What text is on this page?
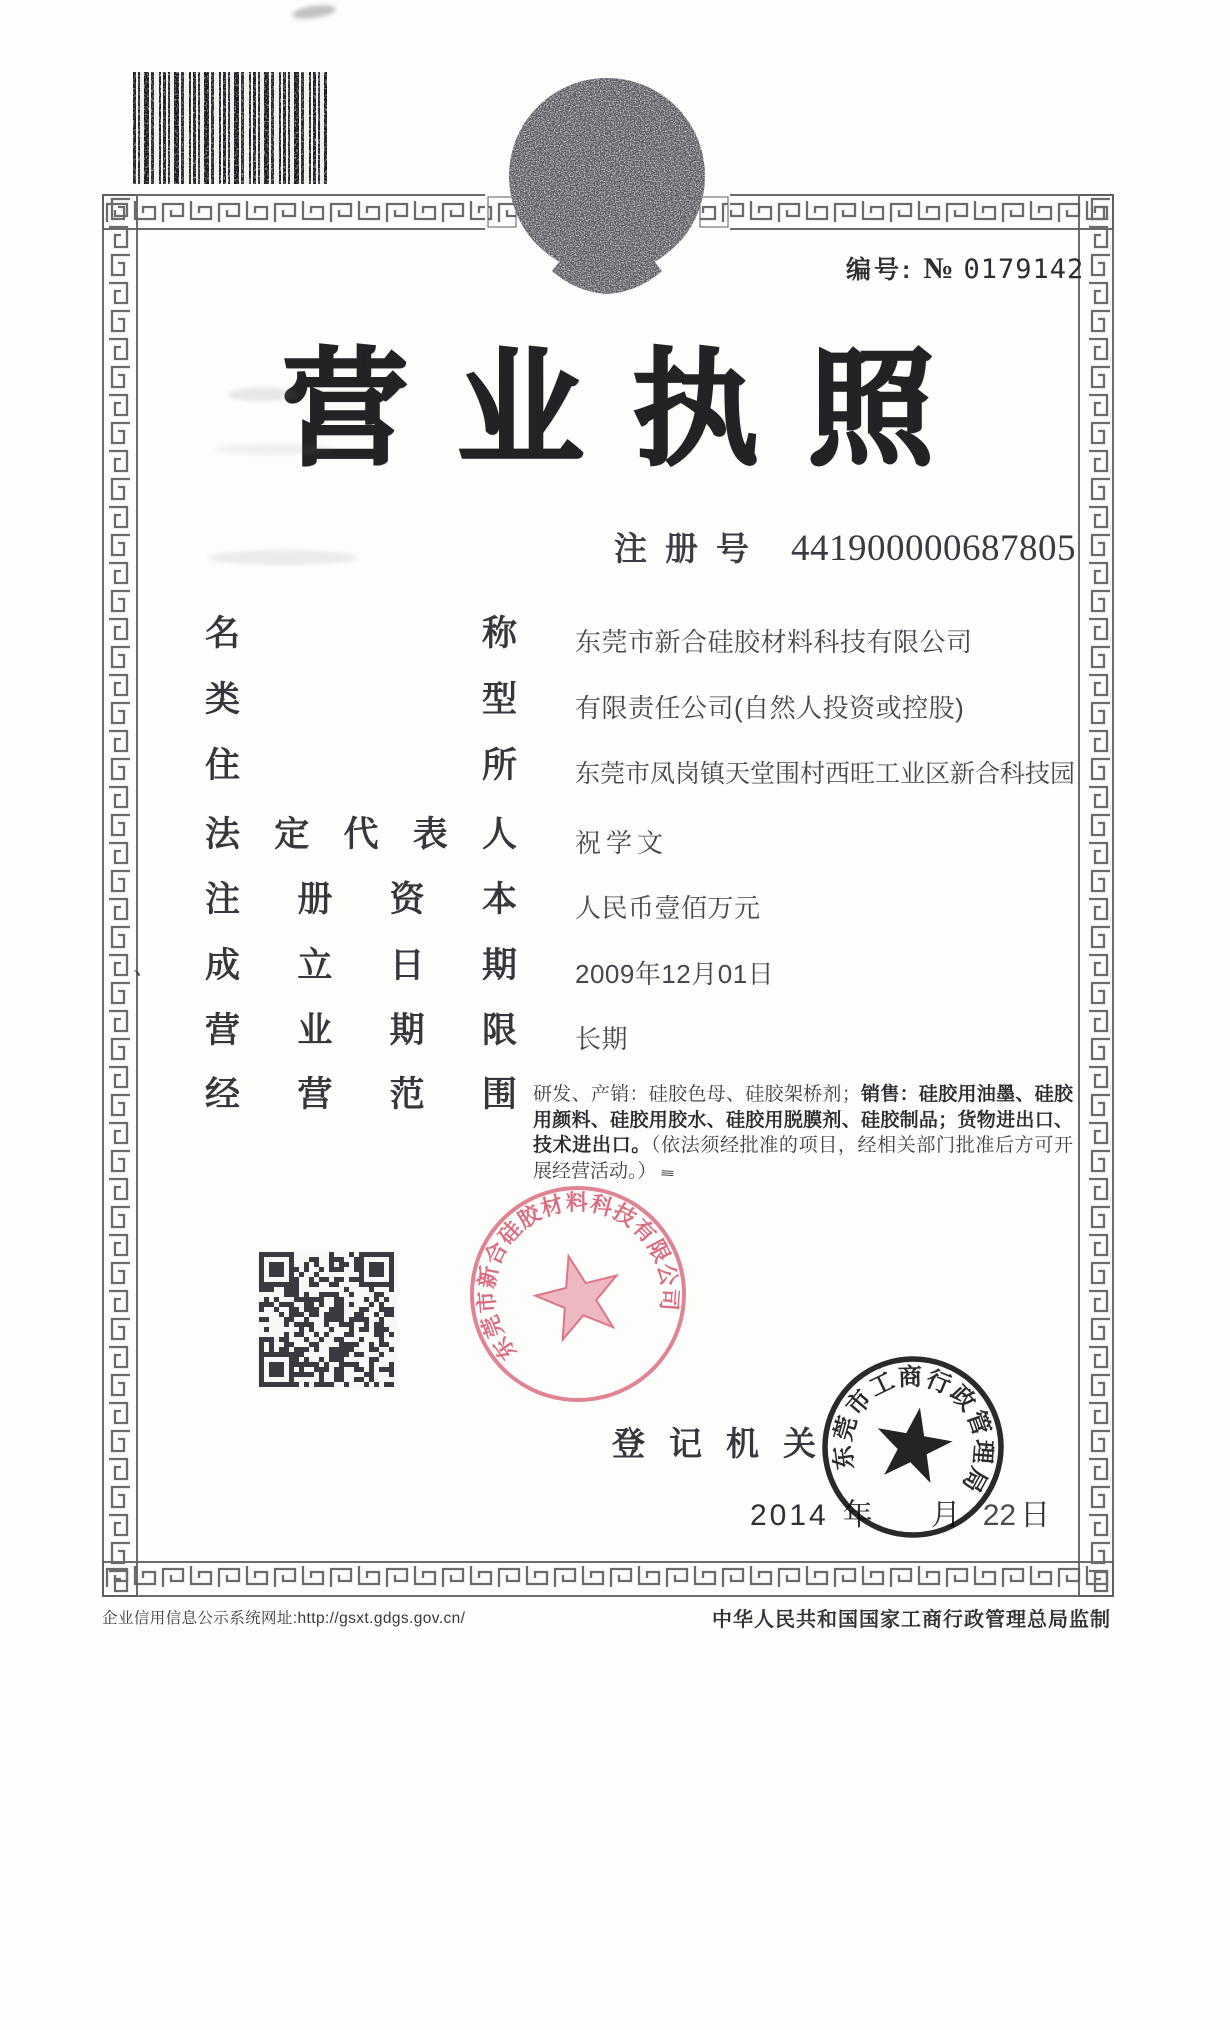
编号: № 0179142
营 业 执 照
注册号 441900000687805
名	称 东莞市新合硅胶材料科技有限公司
类	型 有限责任公司(自然人投资或控股)
住	所 东莞市凤岗镇天堂围村西旺工业区新合科技园
法 定 代 表 人 祝学文
注 册 资 本 人民币壹佰万元
成 立 日 期 2009年12月01日
营 业 期 限 长期
经 营 范 围 研发、产销：硅胶色母、硅胶架桥剂；销售：硅胶用油墨、硅胶用颜料、硅胶用胶水、硅胶用脱膜剂、硅胶制品；货物进出口、技术进出口。（依法须经批准的项目，经相关部门批准后方可开展经营活动。） ≡≡
东莞市新合硅胶材料科技有限公司
登记机关
2014 年 月 22 日
东莞市工商行政管理局
企业信用信息公示系统网址:http://gsxt.gdgs.gov.cn/	中华人民共和国国家工商行政管理总局监制
、
